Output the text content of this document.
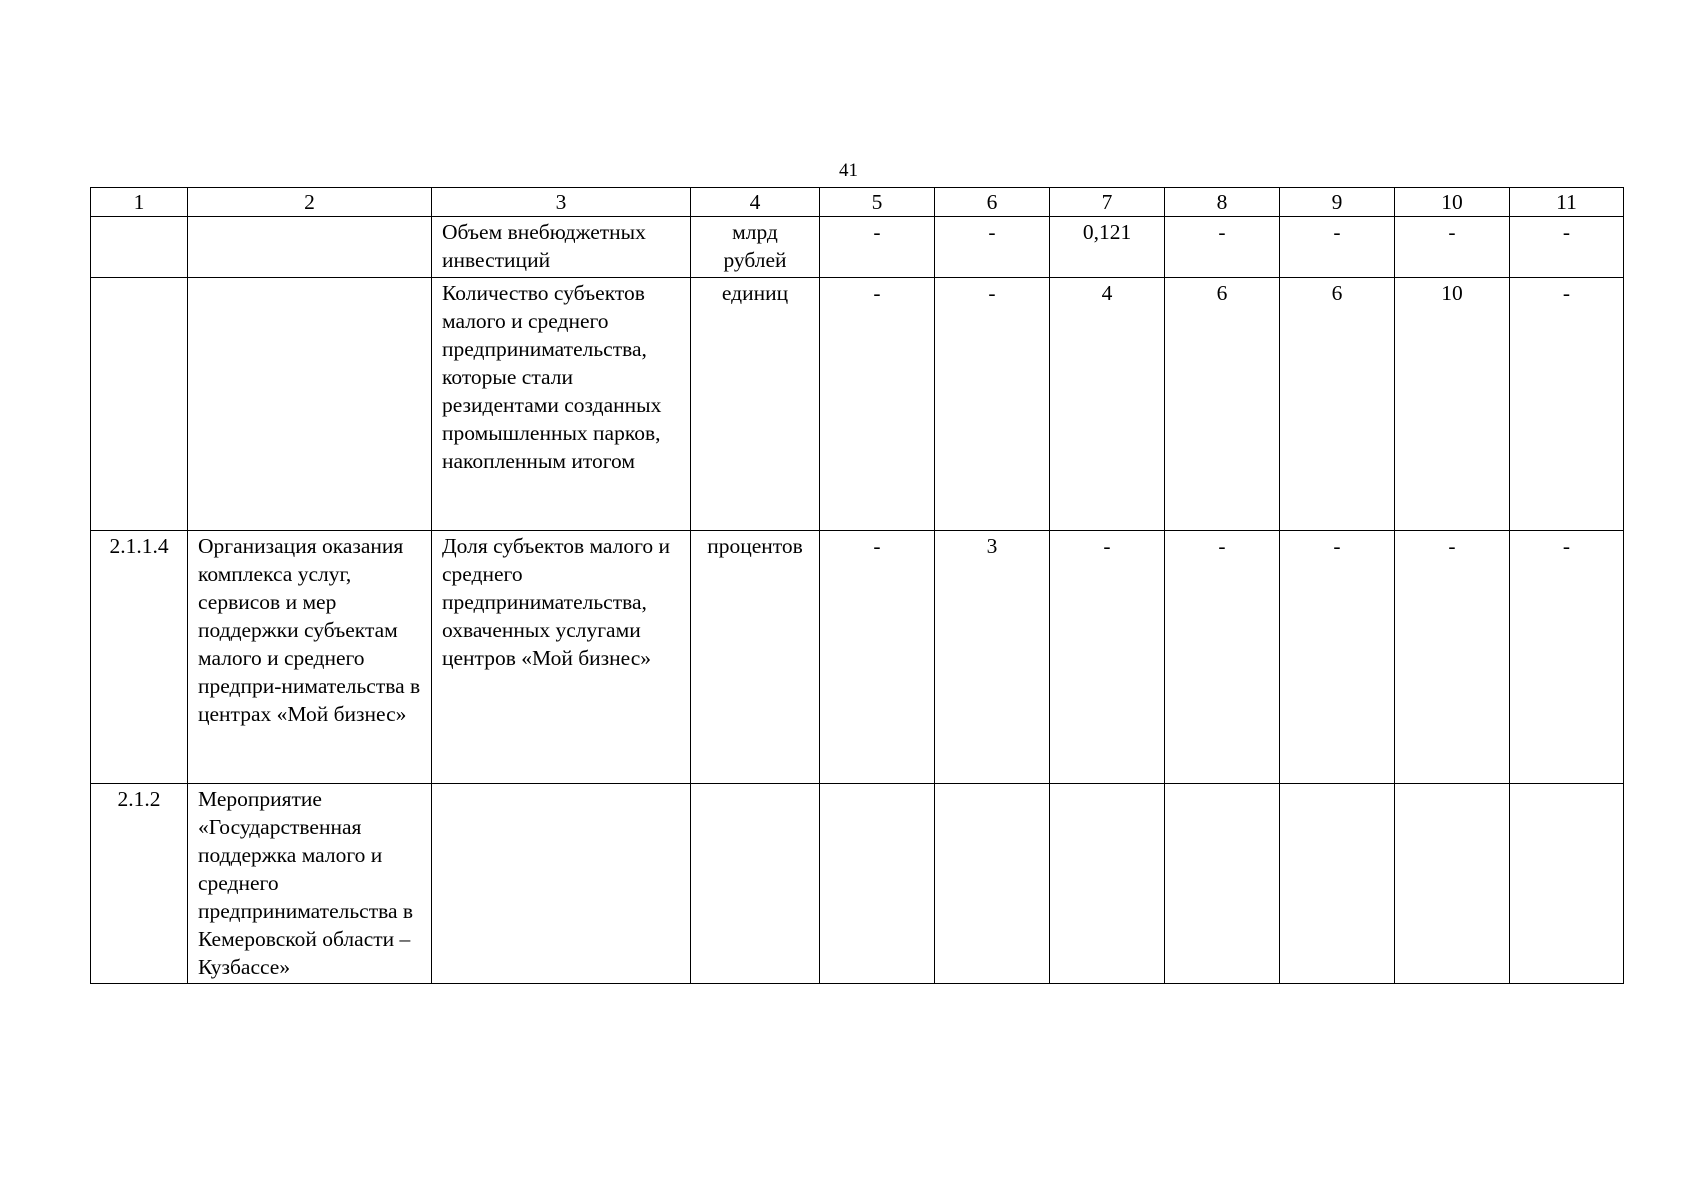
41
1	2	3	4	5	6	7	8	9	10	11
		Объем внебюджетных инвестиций	млрд рублей	-	-	0,121	-	-	-	-
		Количество субъектов малого и среднего предпринимательства, которые стали резидентами созданных промышленных парков, накопленным итогом	единиц	-	-	4	6	6	10	-
2.1.1.4	Организация оказания комплекса услуг, сервисов и мер поддержки субъектам малого и среднего предпри-нимательства в центрах «Мой бизнес»	Доля субъектов малого и среднего предпринимательства, охваченных услугами центров «Мой бизнес»	процентов	-	3	-	-	-	-	-
2.1.2	Мероприятие «Государственная поддержка малого и среднего предпринимательства в Кемеровской области – Кузбассе»									
